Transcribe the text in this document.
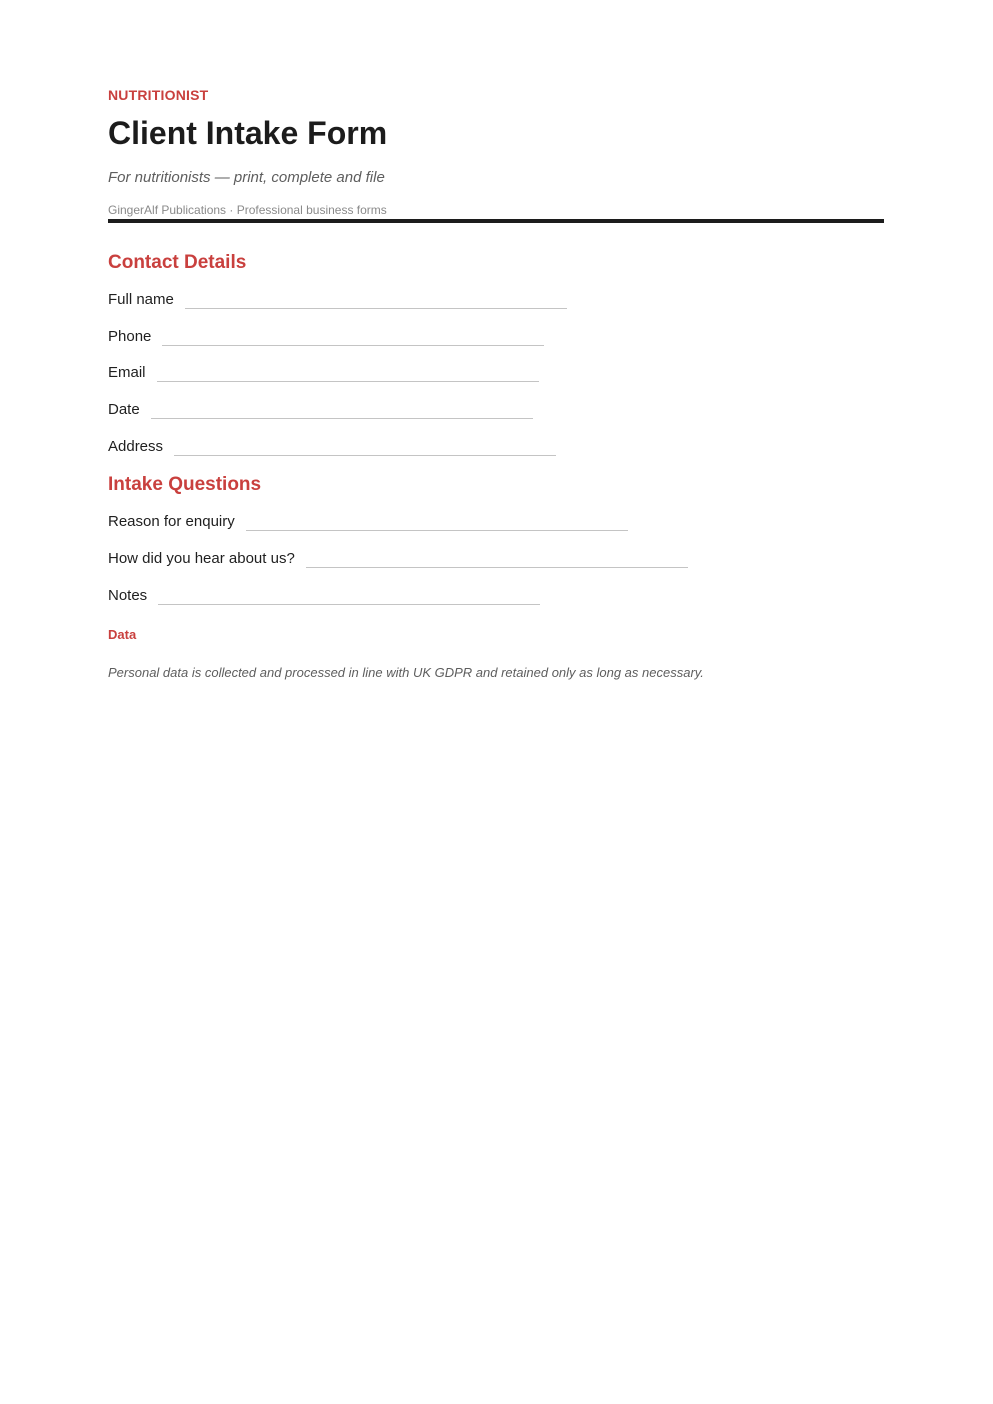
NUTRITIONIST
Client Intake Form
For nutritionists — print, complete and file
GingerAlf Publications · Professional business forms
Contact Details
Full name
Phone
Email
Date
Address
Intake Questions
Reason for enquiry
How did you hear about us?
Notes
Data
Personal data is collected and processed in line with UK GDPR and retained only as long as necessary.
